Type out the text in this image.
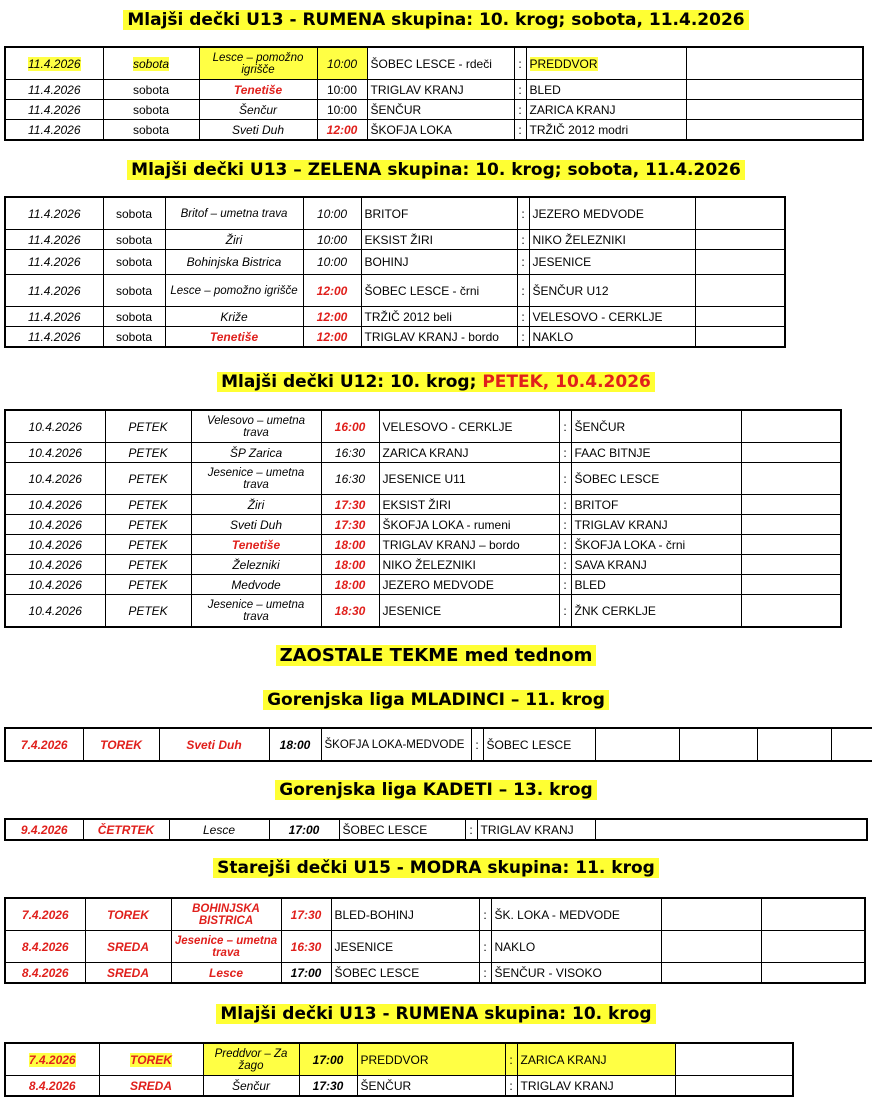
Mlajši dečki U13 - RUMENA skupina: 10. krog; sobota, 11.4.2026
11.4.2026	sobota	Lesce – pomožno igrišče	10:00	ŠOBEC LESCE - rdeči	:	PREDDVOR	
11.4.2026	sobota	Tenetiše	10:00	TRIGLAV KRANJ	:	BLED	
11.4.2026	sobota	Šenčur	10:00	ŠENČUR	:	ZARICA KRANJ	
11.4.2026	sobota	Sveti Duh	12:00	ŠKOFJA LOKA	:	TRŽIČ 2012 modri	
Mlajši dečki U13 – ZELENA skupina: 10. krog; sobota, 11.4.2026
11.4.2026	sobota	Britof – umetna trava	10:00	BRITOF	:	JEZERO MEDVODE	
11.4.2026	sobota	Žiri	10:00	EKSIST ŽIRI	:	NIKO ŽELEZNIKI	
11.4.2026	sobota	Bohinjska Bistrica	10:00	BOHINJ	:	JESENICE	
11.4.2026	sobota	Lesce – pomožno igrišče	12:00	ŠOBEC LESCE - črni	:	ŠENČUR U12	
11.4.2026	sobota	Križe	12:00	TRŽIČ 2012 beli	:	VELESOVO - CERKLJE	
11.4.2026	sobota	Tenetiše	12:00	TRIGLAV KRANJ - bordo	:	NAKLO	
Mlajši dečki U12: 10. krog; PETEK, 10.4.2026
10.4.2026	PETEK	Velesovo – umetna trava	16:00	VELESOVO - CERKLJE	:	ŠENČUR	
10.4.2026	PETEK	ŠP Zarica	16:30	ZARICA KRANJ	:	FAAC BITNJE	
10.4.2026	PETEK	Jesenice – umetna trava	16:30	JESENICE U11	:	ŠOBEC LESCE	
10.4.2026	PETEK	Žiri	17:30	EKSIST ŽIRI	:	BRITOF	
10.4.2026	PETEK	Sveti Duh	17:30	ŠKOFJA LOKA - rumeni	:	TRIGLAV KRANJ	
10.4.2026	PETEK	Tenetiše	18:00	TRIGLAV KRANJ – bordo	:	ŠKOFJA LOKA - črni	
10.4.2026	PETEK	Železniki	18:00	NIKO ŽELEZNIKI	:	SAVA KRANJ	
10.4.2026	PETEK	Medvode	18:00	JEZERO MEDVODE	:	BLED	
10.4.2026	PETEK	Jesenice – umetna trava	18:30	JESENICE	:	ŽNK CERKLJE	
ZAOSTALE TEKME med tednom
Gorenjska liga MLADINCI – 11. krog
7.4.2026	TOREK	Sveti Duh	18:00	ŠKOFJA LOKA-MEDVODE	:	ŠOBEC LESCE				
Gorenjska liga KADETI – 13. krog
9.4.2026	ČETRTEK	Lesce	17:00	ŠOBEC LESCE	:	TRIGLAV KRANJ	
Starejši dečki U15 - MODRA skupina: 11. krog
7.4.2026	TOREK	BOHINJSKA BISTRICA	17:30	BLED-BOHINJ	:	ŠK. LOKA - MEDVODE		
8.4.2026	SREDA	Jesenice – umetna trava	16:30	JESENICE	:	NAKLO		
8.4.2026	SREDA	Lesce	17:00	ŠOBEC LESCE	:	ŠENČUR - VISOKO		
Mlajši dečki U13 - RUMENA skupina: 10. krog
7.4.2026	TOREK	Preddvor – Za žago	17:00	PREDDVOR	:	ZARICA KRANJ	
8.4.2026	SREDA	Šenčur	17:30	ŠENČUR	:	TRIGLAV KRANJ	
